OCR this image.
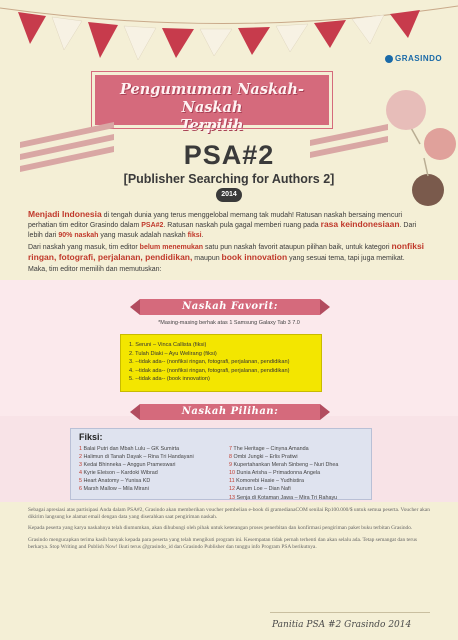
GRASINDO
Pengumuman Naskah-Naskah
Terpilih
PSA#2
[Publisher Searching for Authors 2]
2014

Menjadi Indonesia di tengah dunia yang terus menggelobal memang tak mudah! Ratusan naskah bersaing mencuri perhatian tim editor Grasindo dalam PSA#2. Ratusan naskah pula gagal memberi ruang pada rasa keindonesiaan. Dari lebih dari 90% naskah yang masuk adalah naskah fiksi.

Dari naskah yang masuk, tim editor belum menemukan satu pun naskah favorit ataupun pilihan baik, untuk kategori nonfiksi ringan, fotografi, perjalanan, pendidikan, maupun book innovation yang sesuai tema, tapi juga memikat.

Maka, tim editor memilih dan memutuskan:

Naskah Favorit:
*Masing-masing berhak atas 1 Samsung Galaxy Tab 3 7.0
1. Seruni – Vinca Callista (fiksi)
2. Tulah Diaki – Ayu Welirang (fiksi)
3. --tidak ada-- (nonfiksi ringan, fotografi, perjalanan, pendidikan)
4. --tidak ada-- (nonfiksi ringan, fotografi, perjalanan, pendidikan)
5. --tidak ada-- (book innovation)
Naskah Pilihan:
Fiksi:
1 Balai Putri dan Mbah Lulu – GK Sumirta
2 Halimun di Tanah Dayak – Rina Tri Handayani
3 Kedai Bhinneka – Anggun Prameswari
4 Kyrie Eleison – Kardoki Wibrad
5 Heart Anatomy – Yunisa KD
6 Marsh Mallow – Mila Mirani
7 The Heritage – Cinyna Amanda
8 Ombi Jungki – Erlis Pratiwi
9 Kupertahankan Merah Sinbeng – Nuri Dhea
10 Dunia Arisha – Primadonna Angela
11 Komorebi Hasie – Yudhistira
12 Aurum Loe – Dian Nafi
13 Senja di Kotaman Jawa – Mira Tri Rahayu

Sebagai apresiasi atas partisipasi Anda dalam PSA#2, Grasindo akan memberikan voucher pembelian e-book di gramedianaCOM senilai Rp100.000/$ untuk semua peserta. Voucher akan dikirim langsung ke alamat email dengan data yang diserahkan saat pengiriman naskah.

Kepada peserta yang karya naskahnya telah diumumkan, akan dihubungi oleh pihak untuk keterangan proses penerbitan dan konfirmasi pengiriman paket buku terbitan Grasindo.

Grasindo mengucapkan terima kasih banyak kepada para peserta yang telah mengikuti program ini. Kesempatan tidak pernah terhenti dan akan selalu ada. Tetap semangat dan terus berkarya. Stop Writing and Publish Now! Ikuti terus @grasindo_id dan Grasindo Publisher dan tunggu info Program PSA berikutnya.

Panitia PSA #2 Grasindo 2014
